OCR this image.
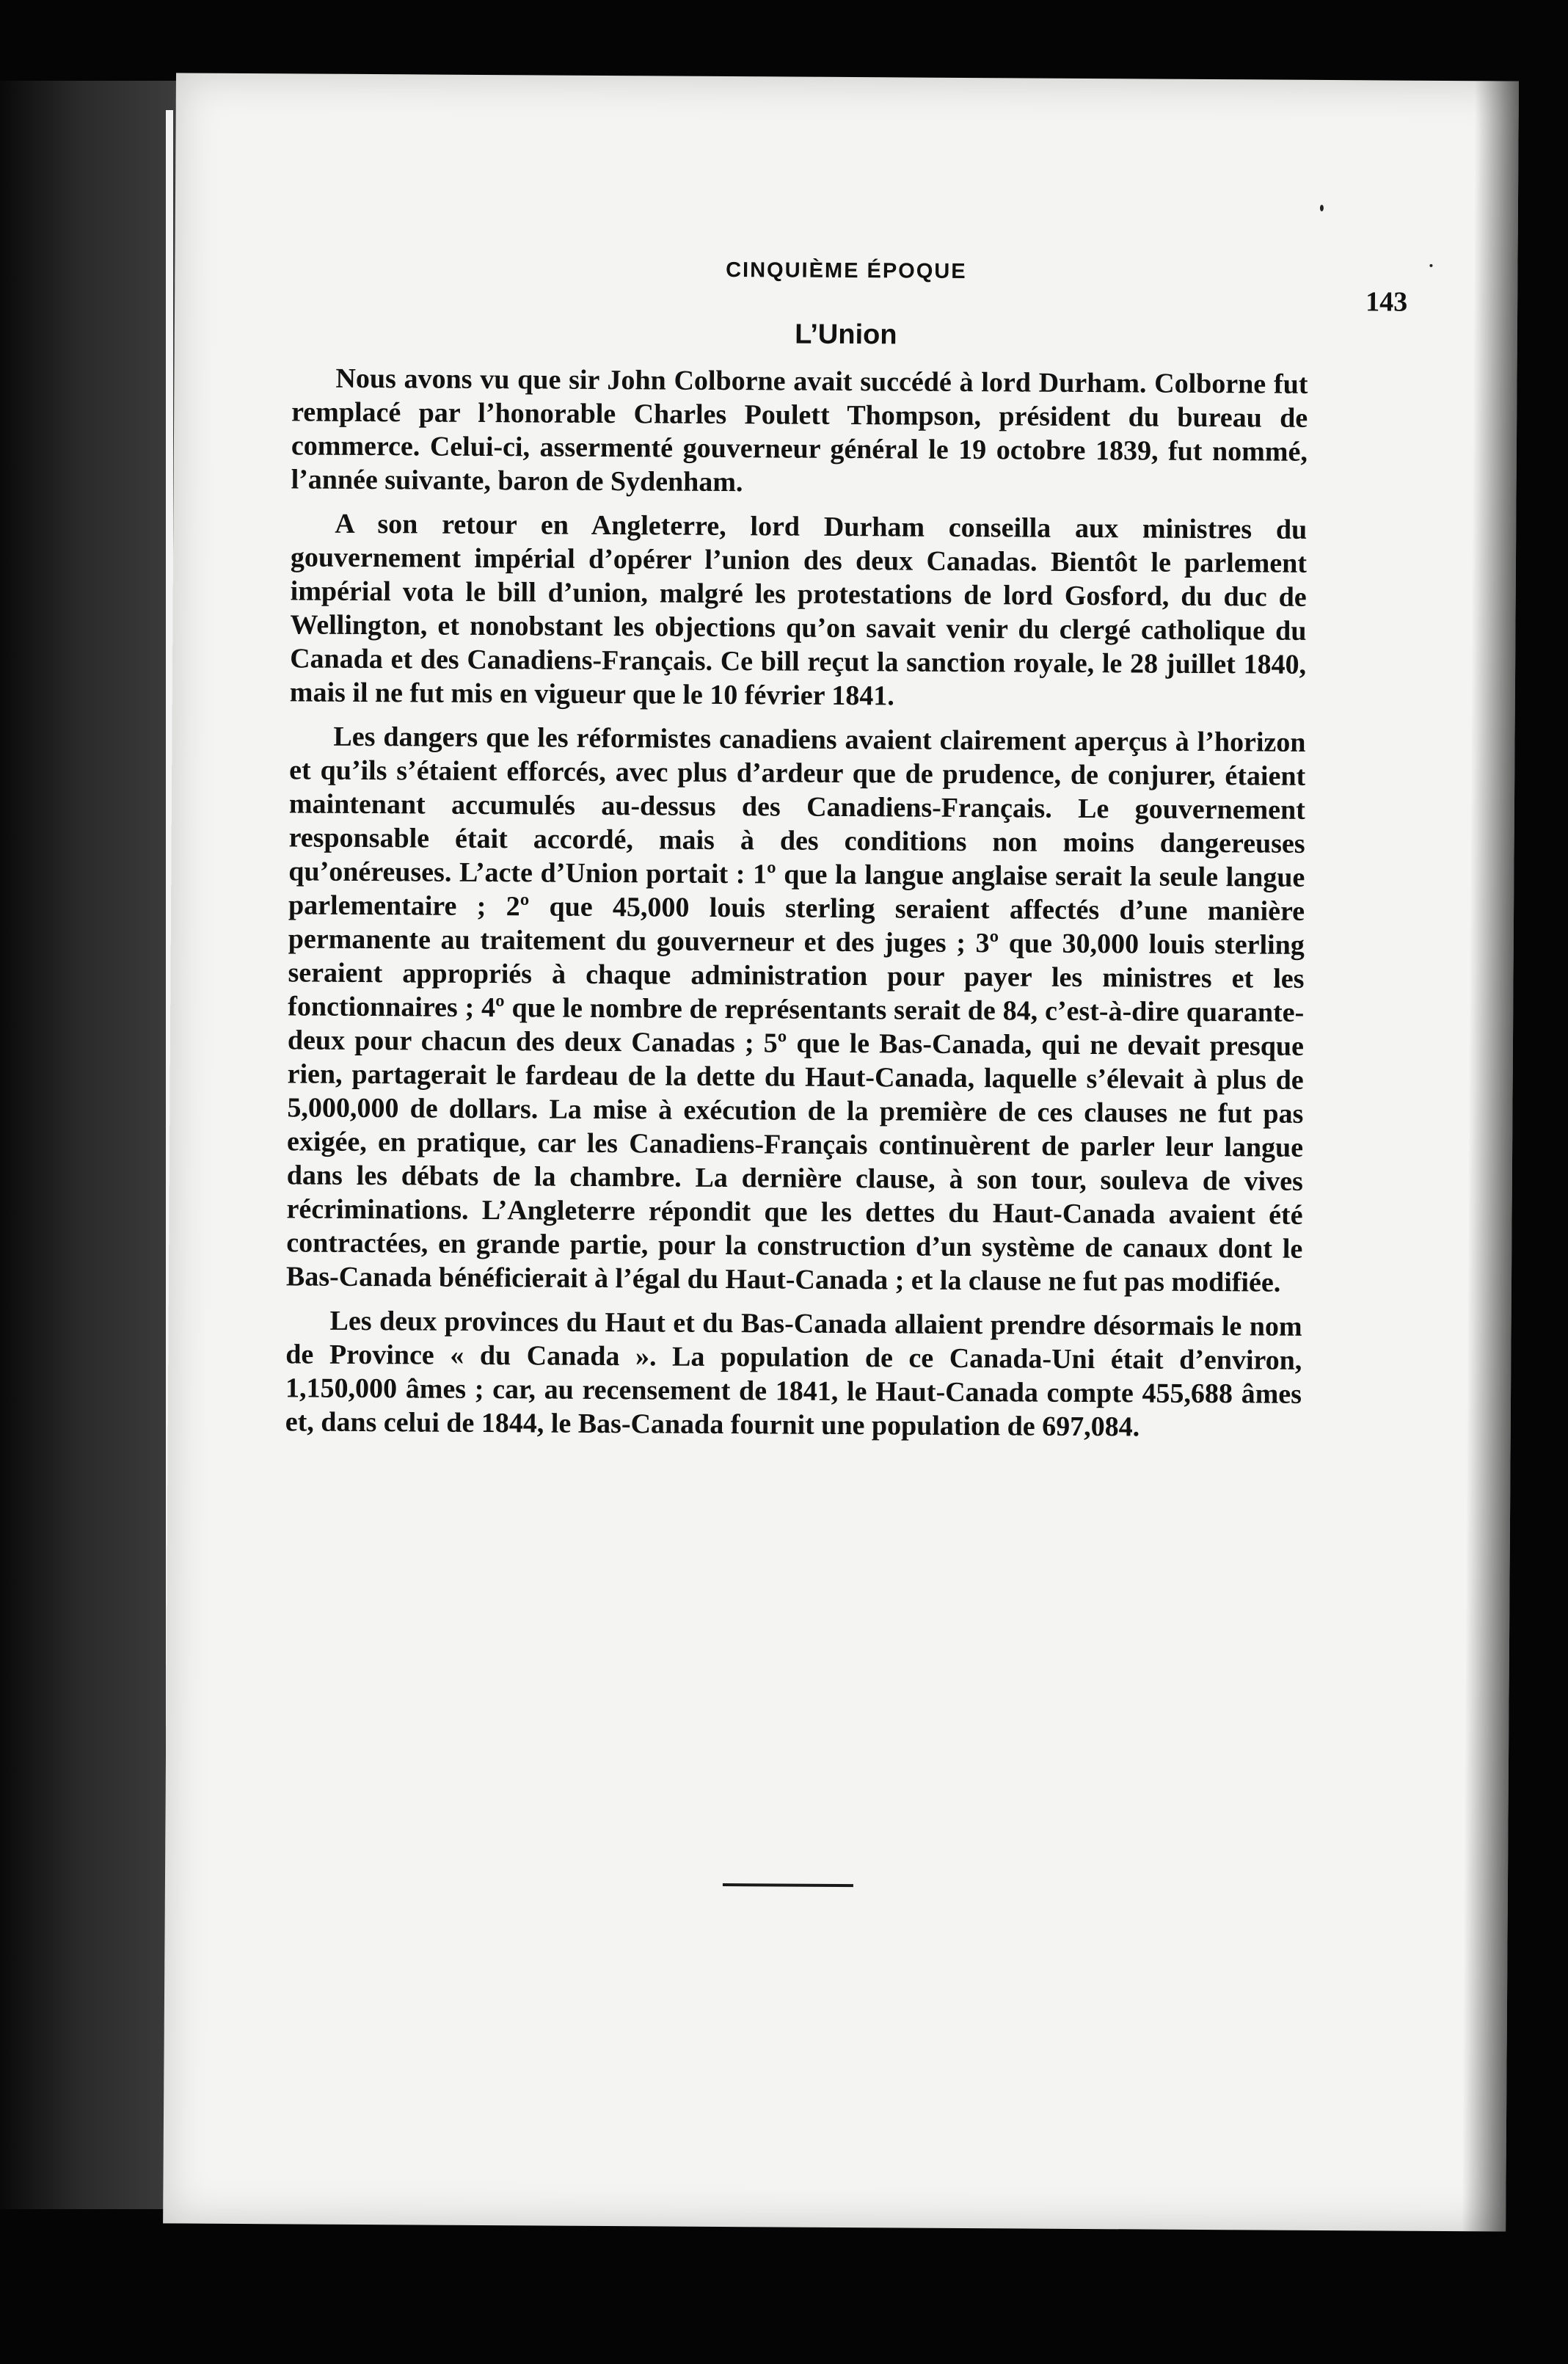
CINQUIÈME ÉPOQUE
143
L’Union

Nous avons vu que sir John Colborne avait succédé à lord Durham. Colborne fut remplacé par l’honorable Charles Poulett Thompson, président du bureau de commerce. Celui-ci, assermenté gouverneur général le 19 octobre 1839, fut nommé, l’année suivante, baron de Sydenham.

A son retour en Angleterre, lord Durham conseilla aux ministres du gouvernement impérial d’opérer l’union des deux Canadas. Bientôt le parlement impérial vota le bill d’union, malgré les protestations de lord Gosford, du duc de Wellington, et nonobstant les objections qu’on savait venir du clergé catholique du Canada et des Canadiens-Français. Ce bill reçut la sanction royale, le 28 juillet 1840, mais il ne fut mis en vigueur que le 10 février 1841.

Les dangers que les réformistes canadiens avaient clairement aperçus à l’horizon et qu’ils s’étaient efforcés, avec plus d’ardeur que de prudence, de conjurer, étaient maintenant accumulés au-dessus des Canadiens-Français. Le gouvernement responsable était accordé, mais à des conditions non moins dangereuses qu’onéreuses. L’acte d’Union portait : 1º que la langue anglaise serait la seule langue parlementaire ; 2º que 45,000 louis sterling seraient affectés d’une manière permanente au traitement du gouverneur et des juges ; 3º que 30,000 louis sterling seraient appropriés à chaque administration pour payer les ministres et les fonctionnaires ; 4º que le nombre de représentants serait de 84, c’est-à-dire quarante-deux pour chacun des deux Canadas ; 5º que le Bas-Canada, qui ne devait presque rien, partagerait le fardeau de la dette du Haut-Canada, laquelle s’élevait à plus de 5,000,000 de dollars. La mise à exécution de la première de ces clauses ne fut pas exigée, en pratique, car les Canadiens-Français continuèrent de parler leur langue dans les débats de la chambre. La dernière clause, à son tour, souleva de vives récriminations. L’Angleterre répondit que les dettes du Haut-Canada avaient été contractées, en grande partie, pour la construction d’un système de canaux dont le Bas-Canada bénéficierait à l’égal du Haut-Canada ; et la clause ne fut pas modifiée.

Les deux provinces du Haut et du Bas-Canada allaient prendre désormais le nom de Province « du Canada ». La population de ce Canada-Uni était d’environ, 1,150,000 âmes ; car, au recensement de 1841, le Haut-Canada compte 455,688 âmes et, dans celui de 1844, le Bas-Canada fournit une population de 697,084.
